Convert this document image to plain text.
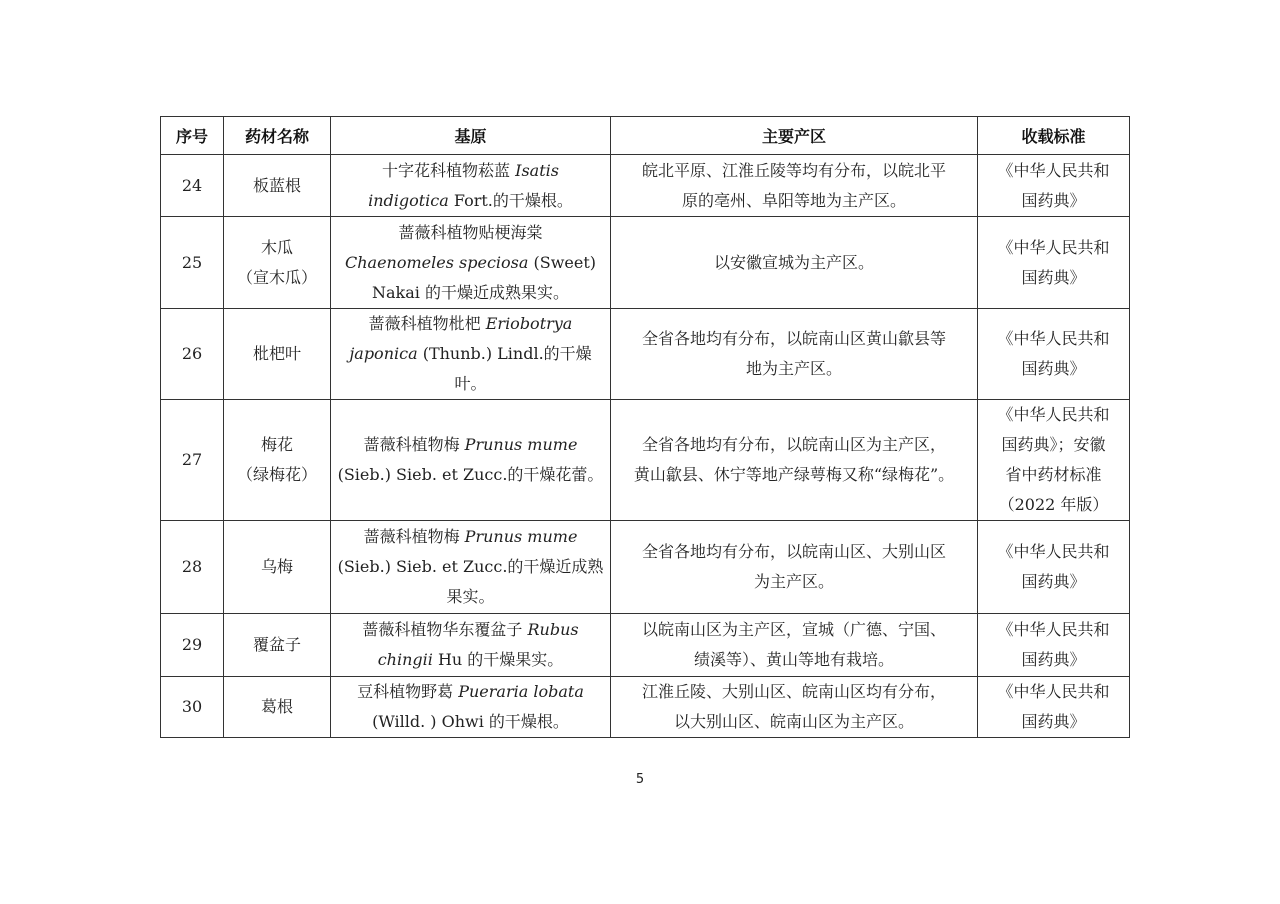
序号	药材名称	基原	主要产区	收载标准
24	板蓝根	十字花科植物菘蓝 Isatis
indigotica Fort.的干燥根。	皖北平原、江淮丘陵等均有分布，以皖北平
原的亳州、阜阳等地为主产区。	《中华人民共和
国药典》

25	木瓜
（宣木瓜）	蔷薇科植物贴梗海棠
Chaenomeles speciosa (Sweet)
Nakai 的干燥近成熟果实。	以安徽宣城为主产区。	《中华人民共和
国药典》

26	枇杷叶	蔷薇科植物枇杷 Eriobotrya
japonica (Thunb.) Lindl.的干燥叶。	全省各地均有分布，以皖南山区黄山歙县等
地为主产区。	《中华人民共和
国药典》

27	梅花
（绿梅花）	蔷薇科植物梅 Prunus mume
(Sieb.) Sieb. et Zucc.的干燥花蕾。	全省各地均有分布，以皖南山区为主产区，
黄山歙县、休宁等地产绿萼梅又称“绿梅花”。	《中华人民共和
国药典》；安徽
省中药材标准
（2022 年版）

28	乌梅	蔷薇科植物梅 Prunus mume
(Sieb.) Sieb. et Zucc.的干燥近成熟
果实。	全省各地均有分布，以皖南山区、大别山区
为主产区。	《中华人民共和
国药典》

29	覆盆子	蔷薇科植物华东覆盆子 Rubus
chingii Hu 的干燥果实。	以皖南山区为主产区，宣城（广德、宁国、
绩溪等）、黄山等地有栽培。	《中华人民共和
国药典》

30	葛根	豆科植物野葛 Pueraria lobata
(Willd. ) Ohwi 的干燥根。	江淮丘陵、大别山区、皖南山区均有分布，
以大别山区、皖南山区为主产区。	《中华人民共和
国药典》
5
